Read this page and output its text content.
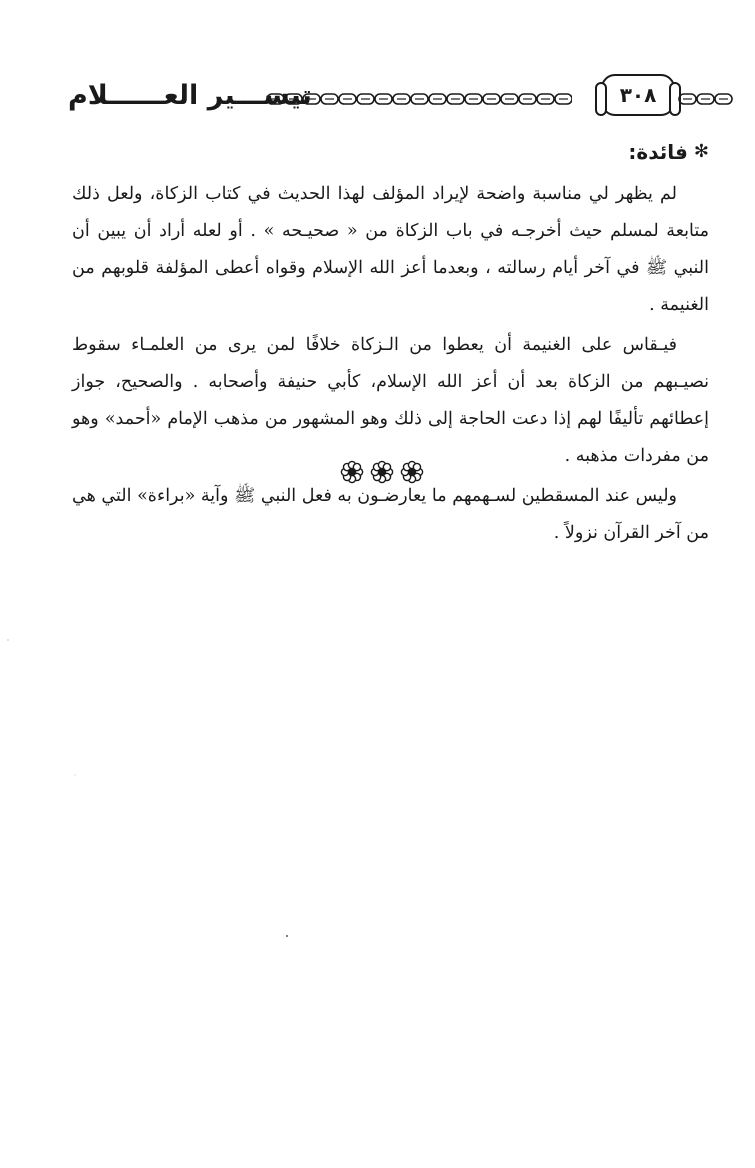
تيســـير العــــــلام	٣٠٨
✻
فائدة:

لم يظهر لي مناسبة واضحة لإيراد المؤلف لهذا الحديث في كتاب الزكاة، ولعل ذلك متابعة لمسلم حيث أخرجـه في باب الزكاة من « صحيـحه » . أو لعله أراد أن يبين أن النبي ﷺ في آخر أيام رسالته ، وبعدما أعز الله الإسلام وقواه أعطى المؤلفة قلوبهم من الغنيمة .

فيـقاس على الغنيمة أن يعطوا من الـزكاة خلافًا لمن يرى من العلمـاء سقوط نصيـبهم من الزكاة بعد أن أعز الله الإسلام، كأبي حنيفة وأصحابه . والصحيح، جواز إعطائهم تأليفًا لهم إذا دعت الحاجة إلى ذلك وهو المشهور من مذهب الإمام «أحمد» وهو من مفردات مذهبه .

وليس عند المسقطين لسـهمهم ما يعارضـون به فعل النبي ﷺ وآية «براءة» التي هي من آخر القرآن نزولاً .
